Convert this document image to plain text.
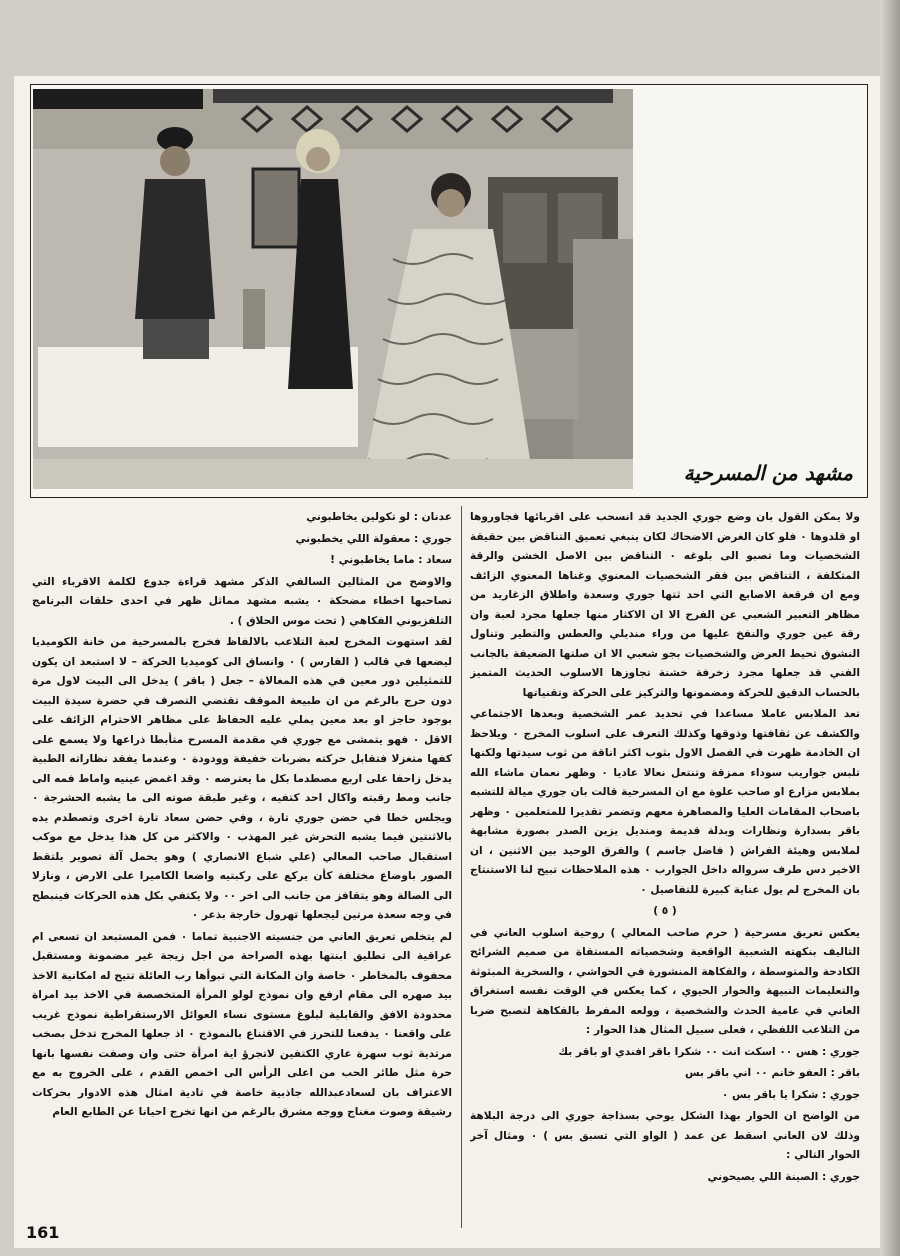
مشهد من المسرحية

ولا يمكن القول بان وضع جوري الجديد قد انسحب على اقربائها فجاوروها او قلدوها ٠ فلو كان الغرض الاضحاك لكان ينبغي تعميق التناقض بين حقيقة الشخصيات وما تصبو الى بلوغه ٠ التناقض بين الاصل الخشن والرقة المتكلفة ، التناقض بين فقر الشخصيات المعنوي وغناها المعنوي الزائف ومع ان فرقعة الاصابع التي احد ثتها جوري وسعدة واطلاق الزغاريد من مظاهر التعبير الشعبي عن الفرح الا ان الاكثار منها جعلها مجرد لعبة وان رقة عين جوري والنفخ عليها من وراء منديلي والعطس والتطير وتناول النشوق تحيط العرض والشخصيات بجو شعبي الا ان صلتها الضعيفة بالجانب الفني قد جعلها مجرد زخرفة خشنة تجاوزها الاسلوب الحديث المتميز بالحساب الدقيق للحركة ومضمونها والتركيز على الحركة وتقنياتها

تعد الملابس عاملا مساعدا في تحديد عمر الشخصية وبعدها الاجتماعي والكشف عن ثقافتها وذوقها وكذلك التعرف على اسلوب المخرج ٠ ويلاحظ ان الخادمة ظهرت في الفصل الاول بثوب اكثر اناقة من ثوب سيدتها ولكنها تلبس جواريب سوداء ممزقة وتنتعل نعالا عاديا ٠ وظهر نعمان ماشاء الله بملابس مزارع او صاحب علوة مع ان المسرحية قالت بان جوري ميالة للتشبه باصحاب المقامات العليا والمصاهرة معهم وتضمر تقديرا للمتعلمين ٠ وظهر باقر بسدارة ونظارات وبدلة قديمة ومنديل يزين الصدر بصورة مشابهة لملابس وهيئة الفراش ( فاضل جاسم ) والفرق الوحيد بين الاثنين ، ان الاخير دس طرف سرواله داخل الجوارب ٠ هذه الملاحظات تبيح لنا الاستنتاج بان المخرج لم يول عناية كبيرة للتفاصيل ٠

( ٥ )

يعكس تعريق مسرحية ( حرم صاحب المعالي ) روحية اسلوب العاني في التاليف بنكهته الشعبية الواقعية وشخصياته المستقاة من صميم الشرائح الكادحة والمتوسطة ، والفكاهة المنشورة في الحواشي ، والسخرية المبثوثة والتعليمات النبيهة والحوار الحيوي ، كما يعكس في الوقت نفسه استغراق العاني في عامية الحدث والشخصية ، وولعه المفرط بالفكاهة لتصبح ضربا من التلاعب اللفظي ، فعلى سبيل المثال هذا الحوار :

جوري : هس ٠٠ اسكت انت ٠٠ شكرا باقر افندي او باقر بك

باقر : العفو خانم ٠٠ اني باقر بس

جوري : شكرا يا باقر بس ٠

من الواضح ان الحوار بهذا الشكل يوحي بسذاجة جوري الى درجة البلاهة وذلك لان العاني اسقط عن عمد ( الواو التي تسبق بس ) ٠ ومثال آخر الحوار التالي :

جوري : الصينة اللي يصيحوني

عدنان : لو تكولين يخاطبوني

جوري : معقولة اللي يخطبوني

سعاد : ماما يخاطبوني !

والاوضح من المثالين السالفي الذكر مشهد قراءة جدوع لكلمة الاقرباء التي تصاحبها اخطاء مضحكة ٠ يشبه مشهد مماثل ظهر في احدى حلقات البرنامج التلفزيوني الفكاهي ( تحت موس الحلاق ) .

لقد استهوت المخرج لعبة التلاعب بالالفاظ فخرج بالمسرحية من خانة الكوميديا ليضعها في قالب ( الفارس ) ٠ وانساق الى كوميديا الحركة – لا استبعد ان يكون للتمثيلين دور معين في هذه المغالاة – جعل ( باقر ) يدخل الى البيت لاول مرة دون حرج بالرغم من ان طبيعة الموقف تقتضي التصرف في حضرة سيدة البيت بوجود حاجز او بعد معين يملي عليه الحفاظ على مظاهر الاحترام الزائف على الاقل ٠ فهو يتمشى مع جوري في مقدمة المسرح متأبطا ذراعها ولا يسمع على كفها متغزلا فتقابل حركته بضربات خفيفة وودودة ٠ وعندما يفقد نظاراته الطبية يدخل زاحفا على اربع مصطدما بكل ما يعترضه ٠ وقد اغمض عينيه واماط فمه الى جانب ومط رقبته واكال احد كتفيه ، وغير طبقة صوته الى ما يشبه الحشرجة ٠ ويجلس خطا في حضن جوري تارة ، وفي حضن سعاد تارة اخرى وتصطدم يده بالاثنتين فيما يشبه التحرش غير المهذب ٠ والاكثر من كل هذا يدخل مع موكب استقبال صاحب المعالي (علي شباع الانصاري ) وهو يحمل آلة تصوير يلتقط الصور باوضاع مختلفة كأن يركع على ركبتيه واضعا الكاميرا على الارض ، ونازلا الى الصالة وهو يتقافز من جانب الى اخر ٠٠ ولا يكتفي بكل هذه الحركات فينبطح في وجه سعدة مرتين ليجعلها تهرول خارجة بذعر ٠

لم يتخلص تعريق العاني من جنسيته الاجنبية تماما ٠ فمن المستبعد ان تسعى ام عراقية الى تطليق ابنتها بهذه الصراحة من اجل زيجة غير مضمونة ومستقبل محفوف بالمخاطر ٠ خاصة وان المكانة التي تبوأها رب العائلة تتيح له امكانية الاخذ بيد صهره الى مقام ارفع وان نموذج لولو المرأة المتخصصة في الاخذ بيد امراة محدودة الافق والقابلية لبلوغ مستوى نساء العوائل الارستقراطية نموذج غريب على واقعنا ٠ يدفعنا للتحرز في الاقتناع بالنموذج ٠ اذ جعلها المخرج تدخل بصخب مرتدية ثوب سهرة عاري الكتفين لاتجرؤ اية امرأة حتى وان وصفت نفسها بانها حرة مثل طائر الحب من اعلى الرأس الى اخمص القدم ، على الخروج به مع الاعتراف بان لسعادعبدالله جاذبية خاصة في تادية امثال هذه الادوار بحركات رشيقة وصوت مغناج ووجه مشرق بالرغم من انها تخرج احيانا عن الطابع العام

161
